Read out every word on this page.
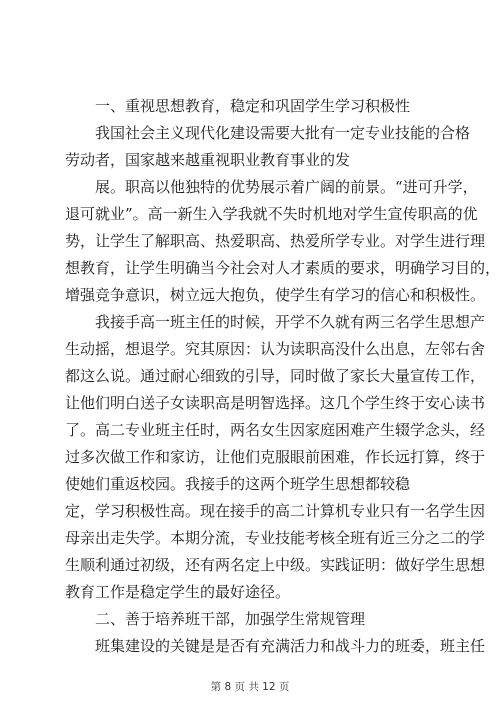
　　一、重视思想教育，稳定和巩固学生学习积极性
　　我国社会主义现代化建设需要大批有一定专业技能的合格
劳动者，国家越来越重视职业教育事业的发
　　展。职高以他独特的优势展示着广阔的前景。“进可升学，
退可就业”。高一新生入学我就不失时机地对学生宣传职高的优
势，让学生了解职高、热爱职高、热爱所学专业。对学生进行理
想教育，让学生明确当今社会对人才素质的要求，明确学习目的，
增强竞争意识，树立远大抱负，使学生有学习的信心和积极性。
　　我接手高一班主任的时候，开学不久就有两三名学生思想产
生动摇，想退学。究其原因：认为读职高没什么出息，左邻右舍
都这么说。通过耐心细致的引导，同时做了家长大量宣传工作，
让他们明白送子女读职高是明智选择。这几个学生终于安心读书
了。高二专业班主任时，两名女生因家庭困难产生辍学念头，经
过多次做工作和家访，让他们克服眼前困难，作长远打算，终于
使她们重返校园。我接手的这两个班学生思想都较稳
定，学习积极性高。现在接手的高二计算机专业只有一名学生因
母亲出走失学。本期分流，专业技能考核全班有近三分之二的学
生顺利通过初级，还有两名定上中级。实践证明：做好学生思想
教育工作是稳定学生的最好途径。
　　二、善于培养班干部，加强学生常规管理
　　班集建设的关键是是否有充满活力和战斗力的班委，班主任
第 8 页 共 12 页
